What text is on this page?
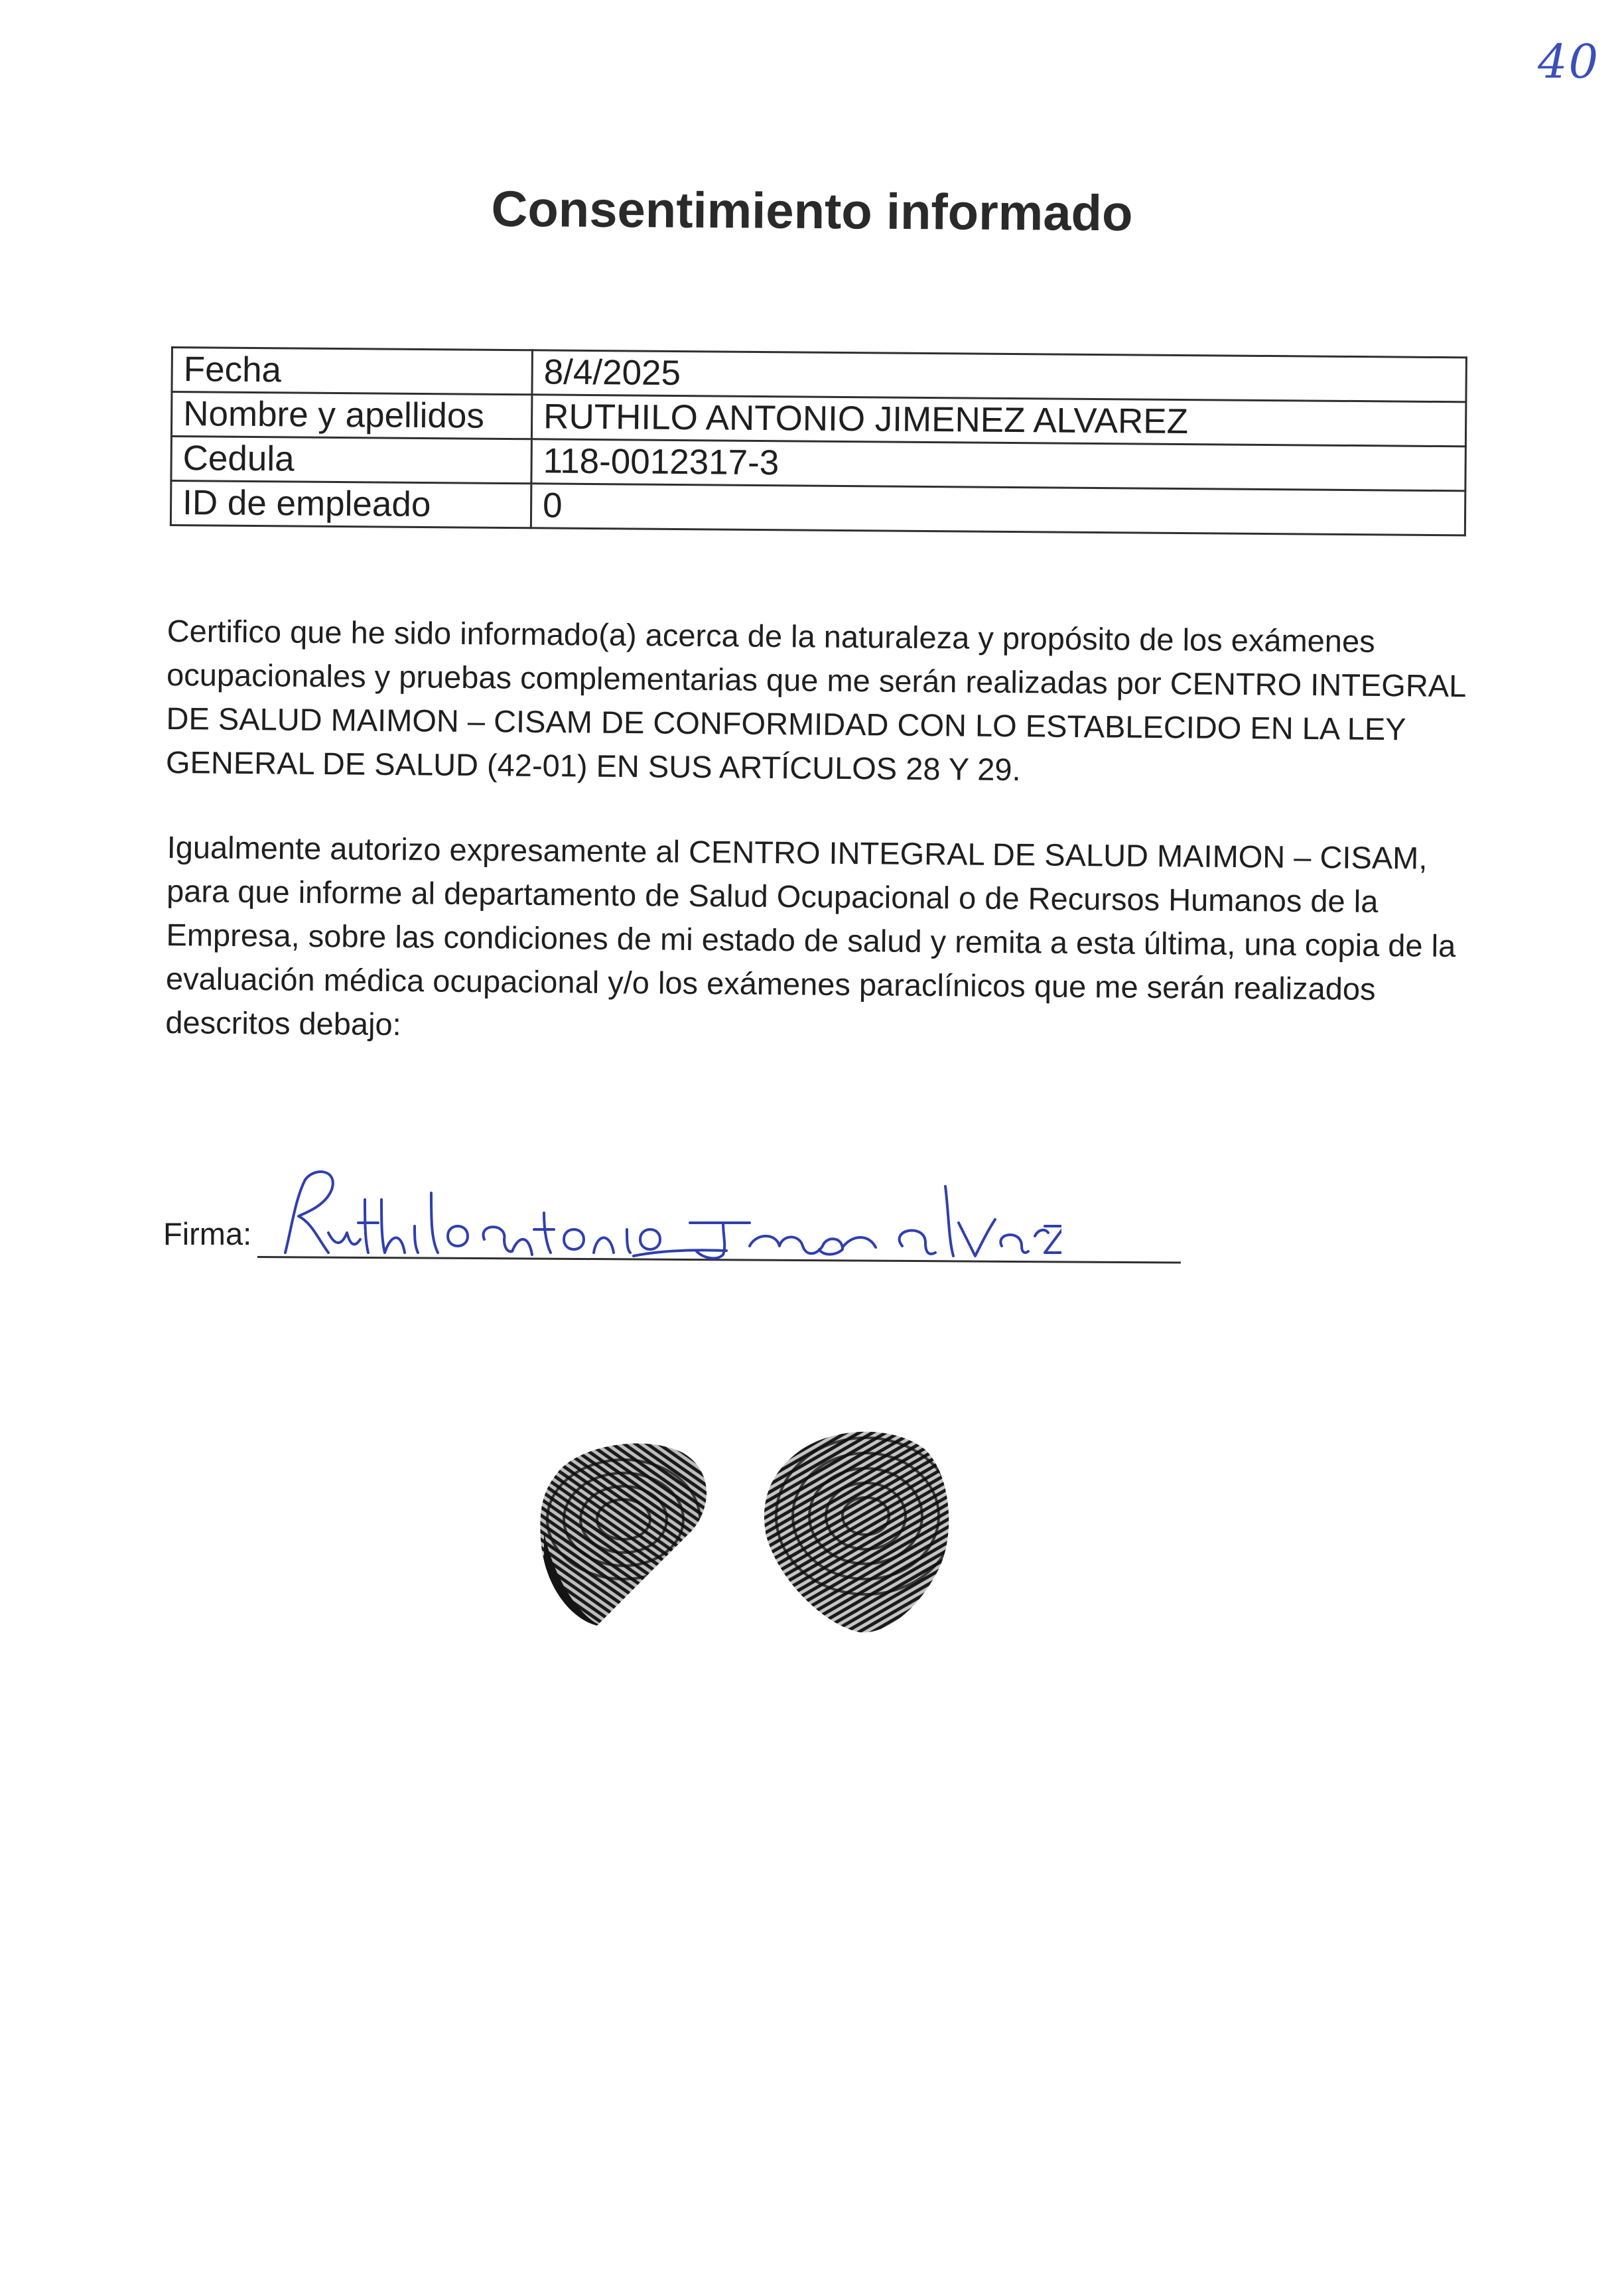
40
Consentimiento informado
Fecha	8/4/2025
Nombre y apellidos	RUTHILO ANTONIO JIMENEZ ALVAREZ
Cedula	118-0012317-3
ID de empleado	0

Certifico que he sido informado(a) acerca de la naturaleza y propósito de los exámenes ocupacionales y pruebas complementarias que me serán realizadas por CENTRO INTEGRAL DE SALUD MAIMON – CISAM DE CONFORMIDAD CON LO ESTABLECIDO EN LA LEY GENERAL DE SALUD (42-01) EN SUS ARTÍCULOS 28 Y 29.

Igualmente autorizo expresamente al CENTRO INTEGRAL DE SALUD MAIMON – CISAM, para que informe al departamento de Salud Ocupacional o de Recursos Humanos de la Empresa, sobre las condiciones de mi estado de salud y remita a esta última, una copia de la evaluación médica ocupacional y/o los exámenes paraclínicos que me serán realizados descritos debajo:

Firma:
